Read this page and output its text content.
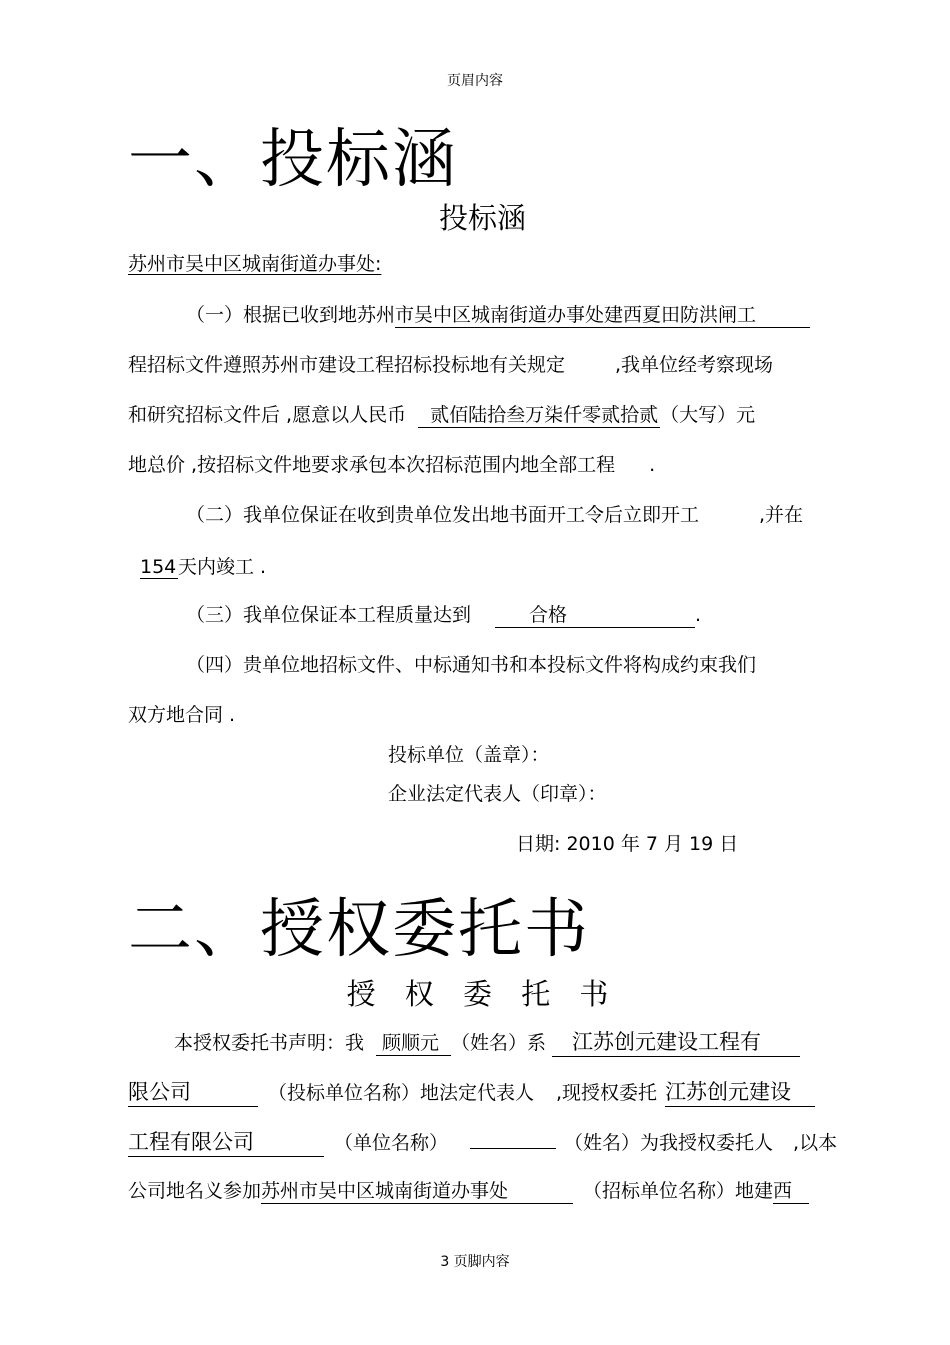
页眉内容
一、投标涵
投标涵
苏州市吴中区城南街道办事处:
（一）根据已收到地苏州市吴中区城南街道办事处建西夏田防洪闸工
程招标文件遵照苏州市建设工程招标投标地有关规定	,我单位经考察现场
和研究招标文件后 ,愿意以人民币 贰佰陆拾叁万柒仟零贰拾贰 （大写）元
地总价 ,按招标文件地要求承包本次招标范围内地全部工程 .
（二）我单位保证在收到贵单位发出地书面开工令后立即开工	,并在
154天内竣工 .
（三）我单位保证本工程质量达到	合格	.
（四）贵单位地招标文件、中标通知书和本投标文件将构成约束我们
双方地合同 .
投标单位（盖章）：
企业法定代表人（印章）：
日期: 2010 年 7 月 19 日
二、授权委托书
授 权 委 托 书
本授权委托书声明：我 顾顺元 （姓名）系 江苏创元建设工程有
限公司	（投标单位名称）地法定代表人 ,现授权委托 江苏创元建设
工程有限公司	（单位名称）	（姓名）为我授权委托人 ,以本
公司地名义参加苏州市吴中区城南街道办事处	（招标单位名称）地建西
3 页脚内容
